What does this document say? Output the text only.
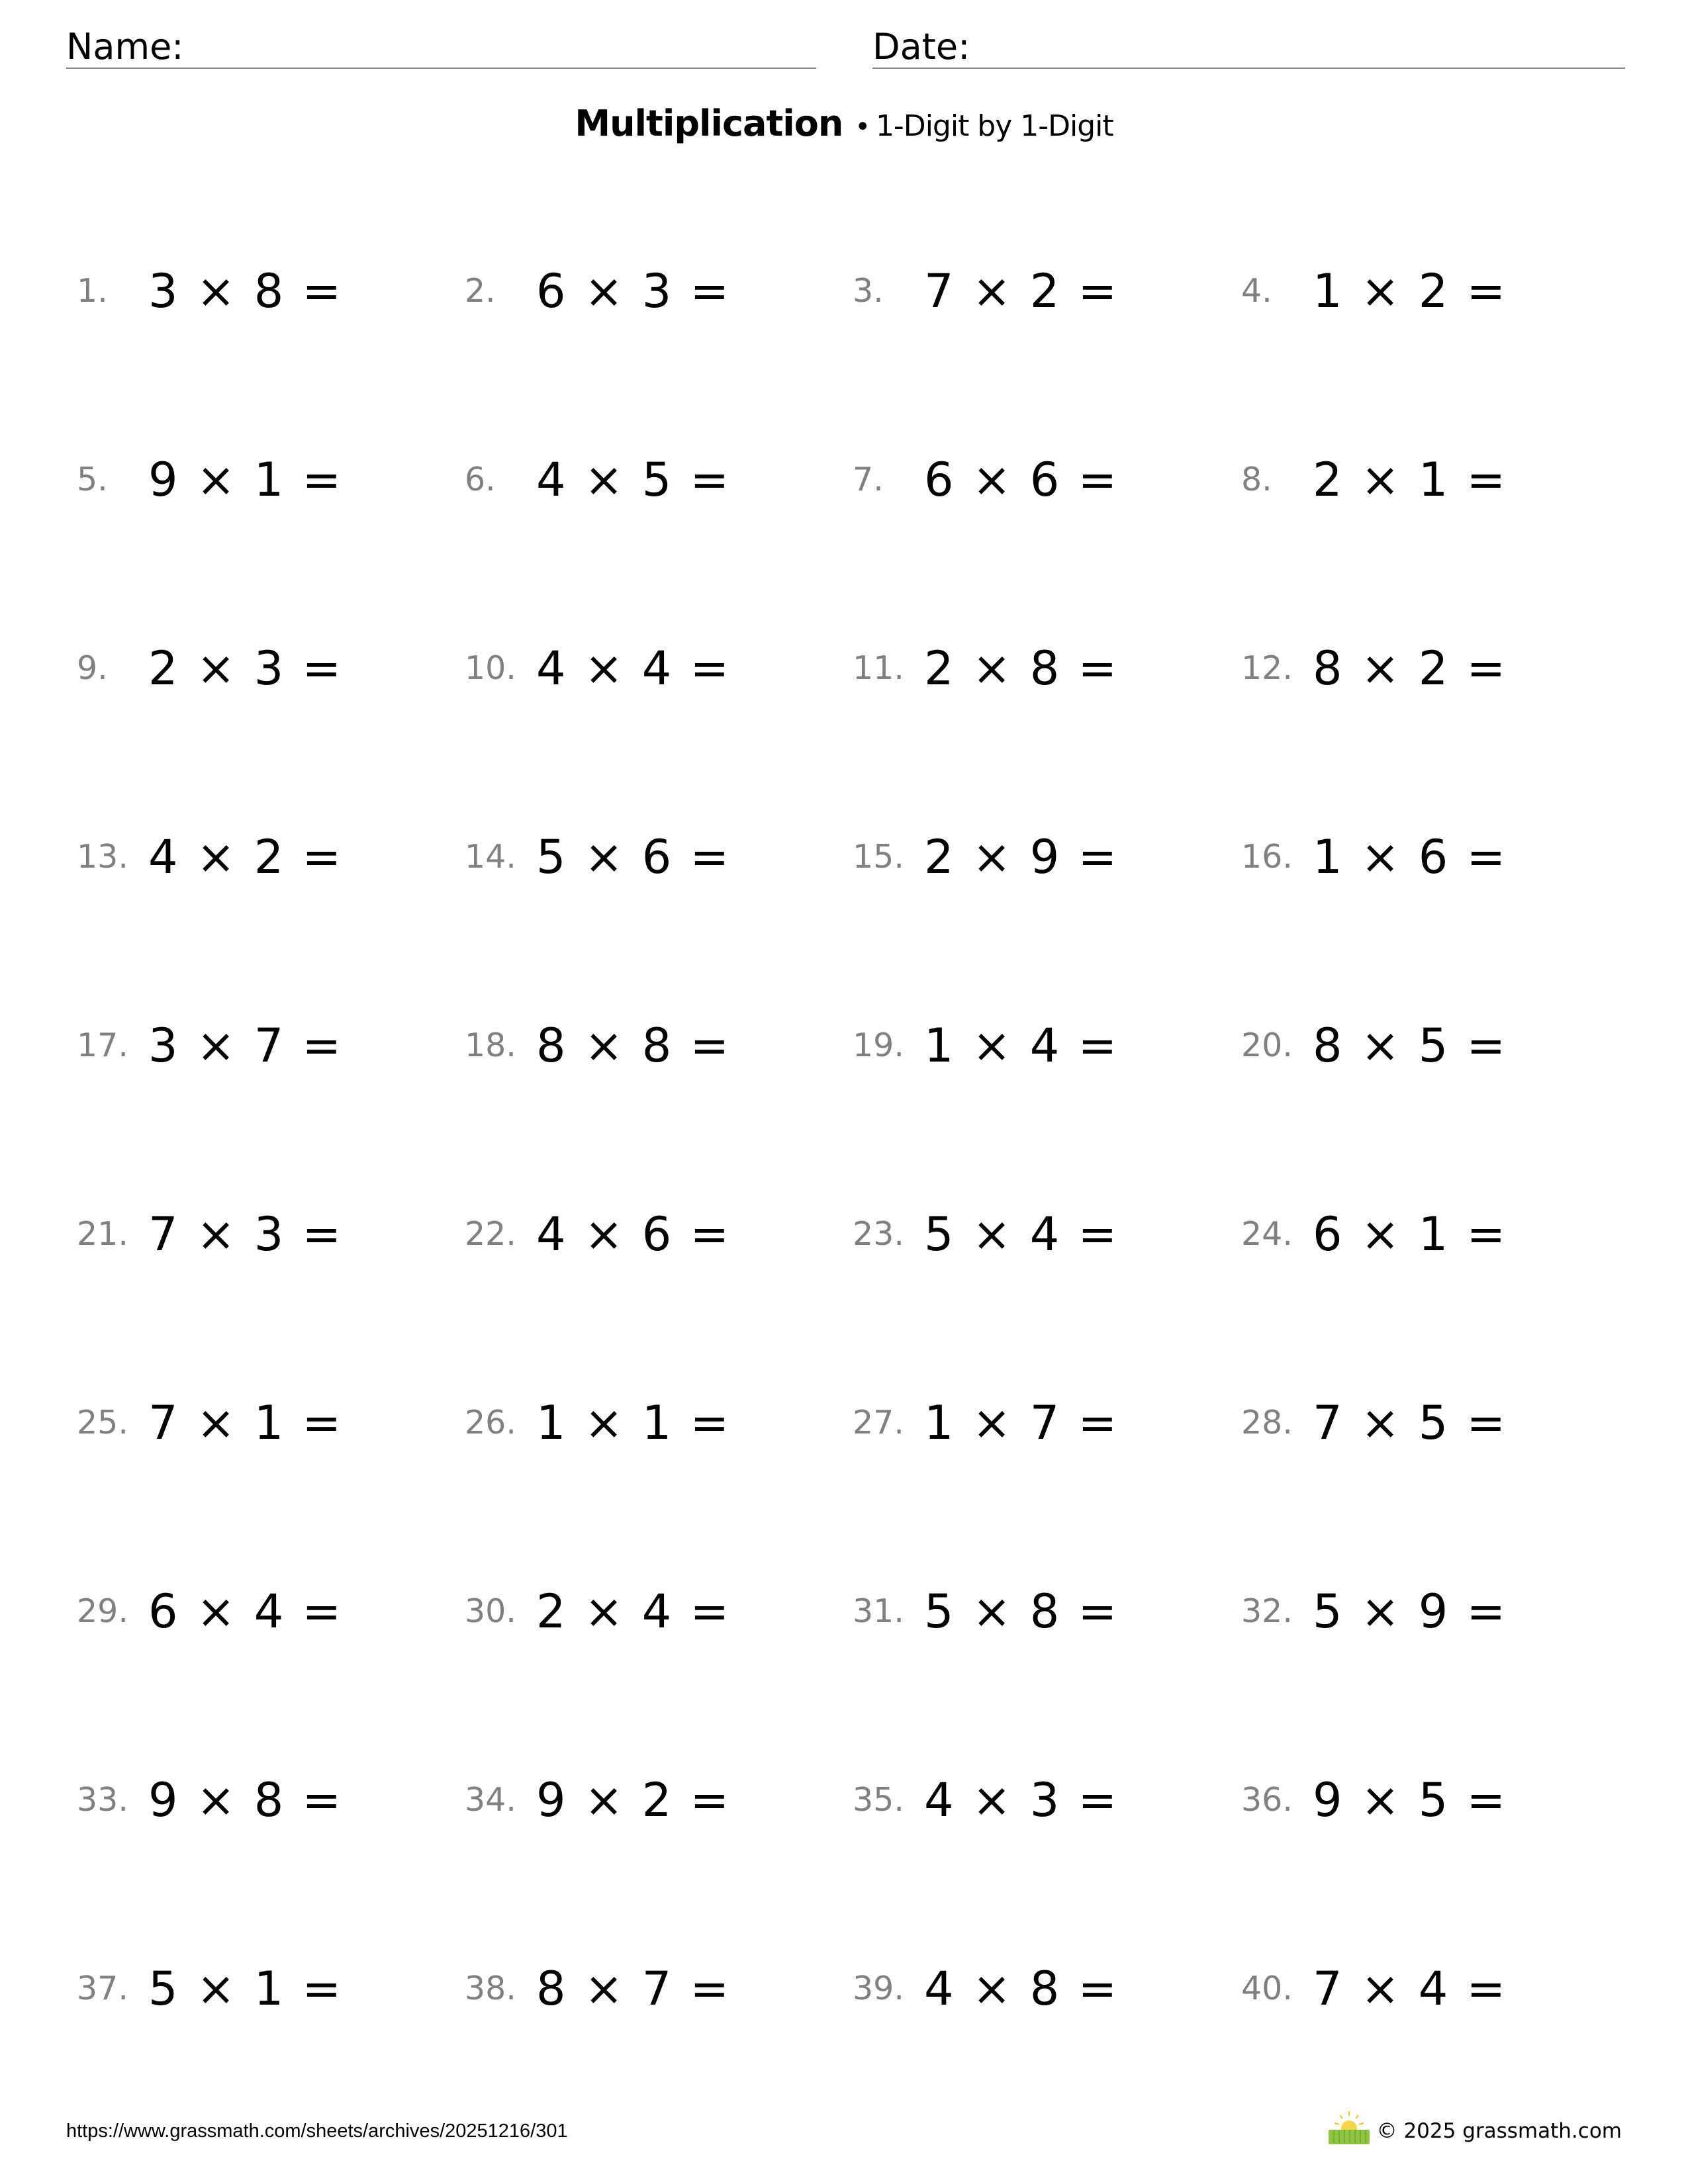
Name:	Date:
Multiplication • 1-Digit by 1-Digit
1. 3 × 8 =	2. 6 × 3 =	3. 7 × 2 =	4. 1 × 2 =
5. 9 × 1 =	6. 4 × 5 =	7. 6 × 6 =	8. 2 × 1 =
9. 2 × 3 =	10. 4 × 4 =	11. 2 × 8 =	12. 8 × 2 =
13. 4 × 2 =	14. 5 × 6 =	15. 2 × 9 =	16. 1 × 6 =
17. 3 × 7 =	18. 8 × 8 =	19. 1 × 4 =	20. 8 × 5 =
21. 7 × 3 =	22. 4 × 6 =	23. 5 × 4 =	24. 6 × 1 =
25. 7 × 1 =	26. 1 × 1 =	27. 1 × 7 =	28. 7 × 5 =
29. 6 × 4 =	30. 2 × 4 =	31. 5 × 8 =	32. 5 × 9 =
33. 9 × 8 =	34. 9 × 2 =	35. 4 × 3 =	36. 9 × 5 =
37. 5 × 1 =	38. 8 × 7 =	39. 4 × 8 =	40. 7 × 4 =
https://www.grassmath.com/sheets/archives/20251216/301	© 2025 grassmath.com
